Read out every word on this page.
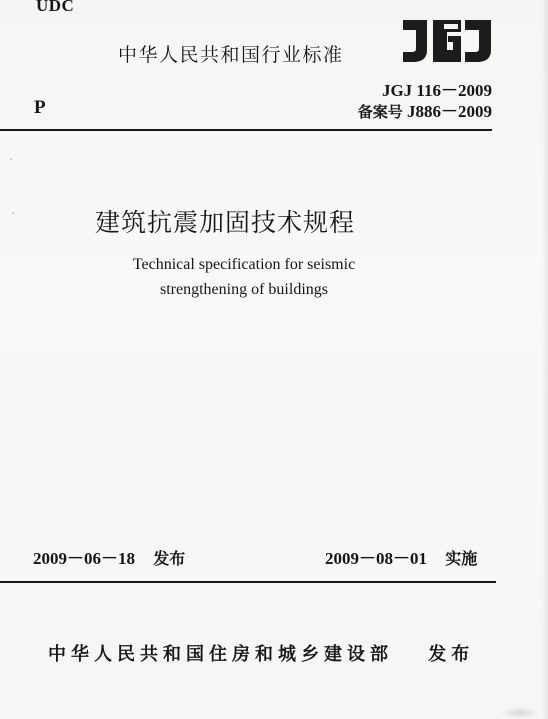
UDC
中华人民共和国行业标准
P
JGJ 116－2009
备案号 J886－2009
建筑抗震加固技术规程
Technical specification for seismic
strengthening of buildings
2009－06－18 发布	2009－08－01 实施
中华人民共和国住房和城乡建设部 发布
